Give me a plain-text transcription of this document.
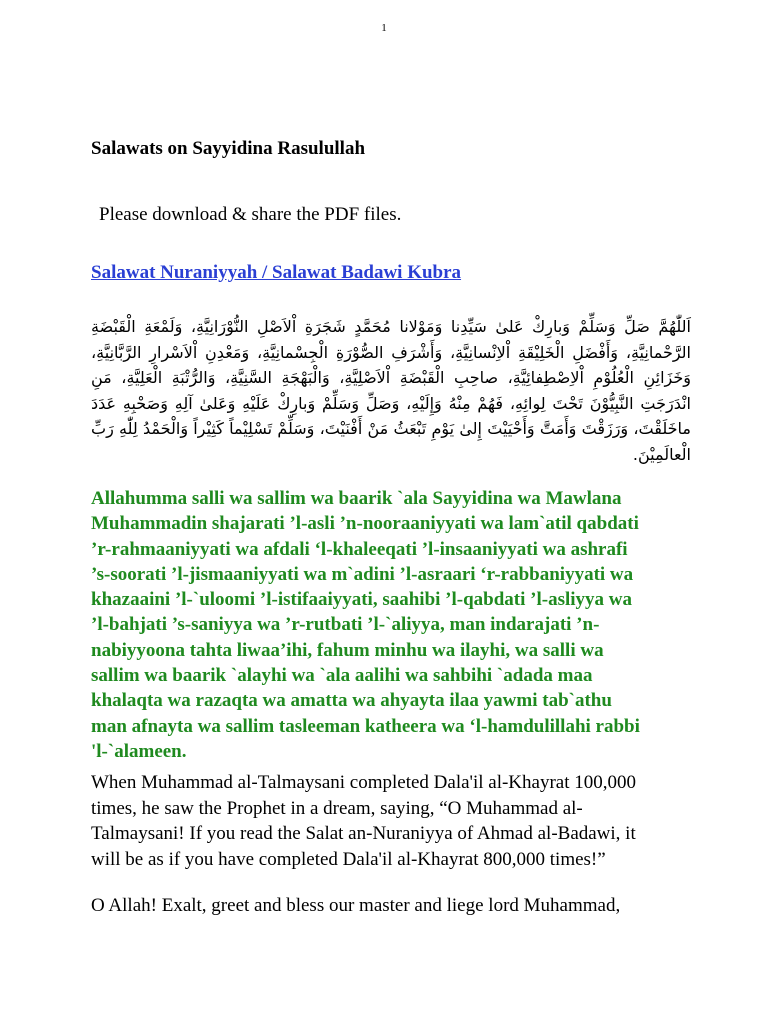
1
Salawats on Sayyidina Rasulullah
Please download & share the PDF files.
Salawat Nuraniyyah / Salawat Badawi Kubra
اَللّٰهُمَّ صَلِّ وَسَلِّمْ وَبارِكْ عَلىٰ سَيِّدِنا وَمَوْلانا مُحَمَّدٍ شَجَرَةِ اْلاَصْلِ النُّوْرَانِيَّةِ، وَلَمْعَةِ الْقَبْضَةِ الرَّحْمانِيَّةِ، وَأَفْضَلِ الْخَلِيْقَةِ اْلاِنْسانِيَّةِ، وَأَشْرَفِ الصُّوْرَةِ الْجِسْمانِيَّةِ، وَمَعْدِنِ اْلاَسْرارِ الرَّبَّانِيَّةِ، وَخَزَائِنِ الْعُلُوْمِ اْلاِصْطِفائِيَّةِ، صاحِبِ الْقَبْضَةِ اْلاَصْلِيَّةِ، وَالْبَهْجَةِ السَّنِيَّةِ، وَالرُّتْبَةِ الْعَلِيَّةِ، مَنِ انْدَرَجَتِ النَّبِيُّوْنَ تَحْتَ لِوائِهِ، فَهُمْ مِنْهُ وَإِلَيْهِ، وَصَلِّ وَسَلِّمْ وَبارِكْ عَلَيْهِ وَعَلىٰ آلِهِ وَصَحْبِهِ عَدَدَ ماخَلَقْتَ، وَرَزَقْتَ وَأَمَتَّ وَأَحْيَيْتَ إِلىٰ يَوْمِ تَبْعَثُ مَنْ أَفْنَيْتَ، وَسَلِّمْ تَسْلِيْماً كَثِيْراً وَالْحَمْدُ لِلّٰهِ رَبِّ الْعالَمِيْنَ.
Allahumma salli wa sallim wa baarik `ala Sayyidina wa Mawlana
Muhammadin shajarati ’l-asli ’n-nooraaniyyati wa lam`atil qabdati
’r-rahmaaniyyati wa afdali ‘l-khaleeqati ’l-insaaniyyati wa ashrafi
’s-soorati ’l-jismaaniyyati wa m`adini ’l-asraari ‘r-rabbaniyyati wa
khazaaini ’l-`uloomi ’l-istifaaiyyati, saahibi ’l-qabdati ’l-asliyya wa
’l-bahjati ’s-saniyya wa ’r-rutbati ’l-`aliyya, man indarajati ’n-
nabiyyoona tahta liwaa’ihi, fahum minhu wa ilayhi, wa salli wa
sallim wa baarik `alayhi wa `ala aalihi wa sahbihi `adada maa
khalaqta wa razaqta wa amatta wa ahyayta ilaa yawmi tab`athu
man afnayta wa sallim tasleeman katheera wa ‘l-hamdulillahi rabbi
'l-`alameen.
When Muhammad al-Talmaysani completed Dala'il al-Khayrat 100,000
times, he saw the Prophet in a dream, saying, “O Muhammad al-
Talmaysani! If you read the Salat an-Nuraniyya of Ahmad al-Badawi, it
will be as if you have completed Dala'il al-Khayrat 800,000 times!”
O Allah! Exalt, greet and bless our master and liege lord Muhammad,
